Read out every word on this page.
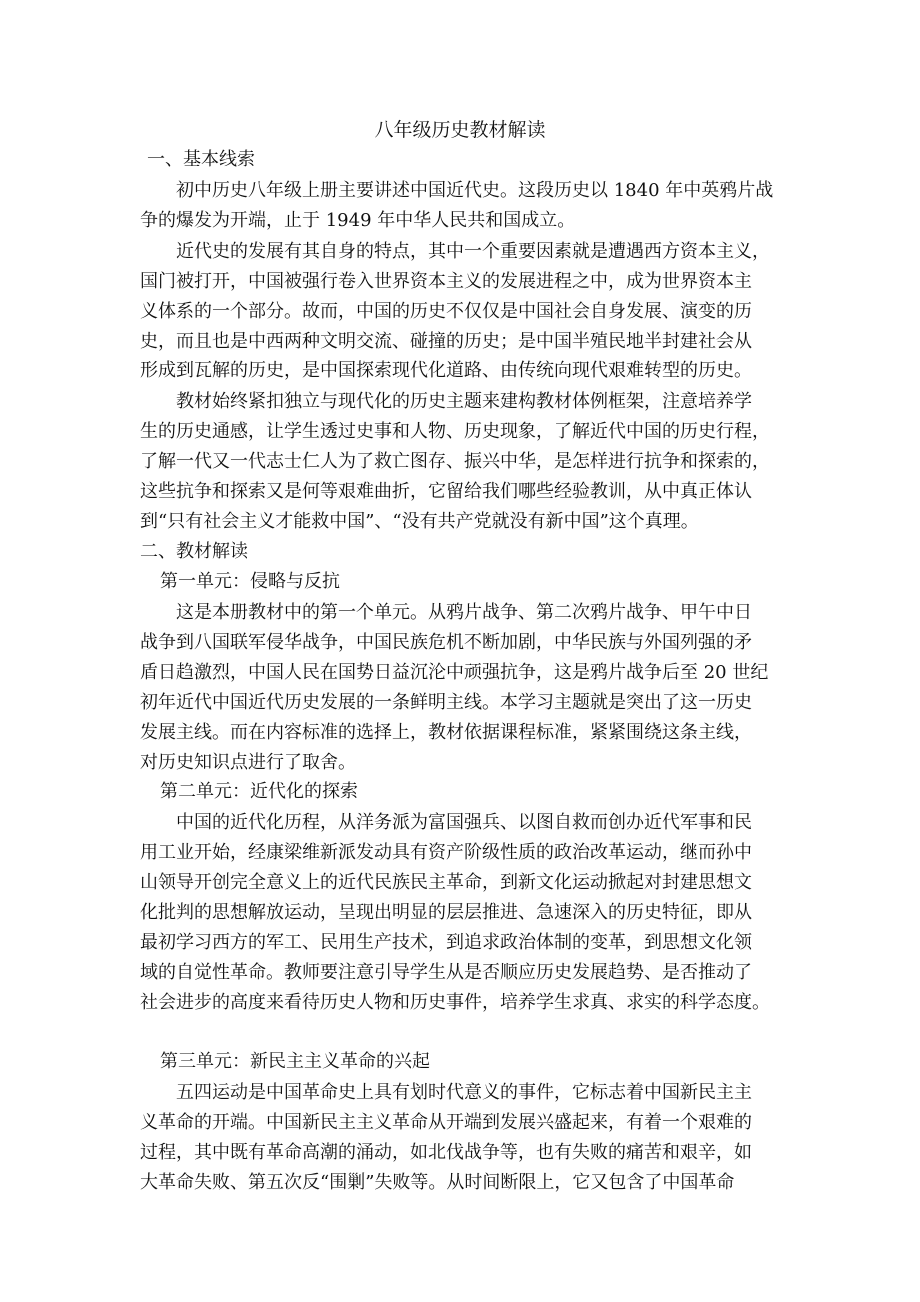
八年级历史教材解读
一、基本线索
初中历史八年级上册主要讲述中国近代史。这段历史以 1840 年中英鸦片战
争的爆发为开端，止于 1949 年中华人民共和国成立。
近代史的发展有其自身的特点，其中一个重要因素就是遭遇西方资本主义，
国门被打开，中国被强行卷入世界资本主义的发展进程之中，成为世界资本主
义体系的一个部分。故而，中国的历史不仅仅是中国社会自身发展、演变的历
史，而且也是中西两种文明交流、碰撞的历史；是中国半殖民地半封建社会从
形成到瓦解的历史，是中国探索现代化道路、由传统向现代艰难转型的历史。
教材始终紧扣独立与现代化的历史主题来建构教材体例框架，注意培养学
生的历史通感，让学生透过史事和人物、历史现象，了解近代中国的历史行程，
了解一代又一代志士仁人为了救亡图存、振兴中华，是怎样进行抗争和探索的，
这些抗争和探索又是何等艰难曲折，它留给我们哪些经验教训，从中真正体认
到“只有社会主义才能救中国”、“没有共产党就没有新中国”这个真理。
二、教材解读
第一单元：侵略与反抗
这是本册教材中的第一个单元。从鸦片战争、第二次鸦片战争、甲午中日
战争到八国联军侵华战争，中国民族危机不断加剧，中华民族与外国列强的矛
盾日趋激烈，中国人民在国势日益沉沦中顽强抗争，这是鸦片战争后至 20 世纪
初年近代中国近代历史发展的一条鲜明主线。本学习主题就是突出了这一历史
发展主线。而在内容标准的选择上，教材依据课程标准，紧紧围绕这条主线，
对历史知识点进行了取舍。
第二单元：近代化的探索
中国的近代化历程，从洋务派为富国强兵、以图自救而创办近代军事和民
用工业开始，经康梁维新派发动具有资产阶级性质的政治改革运动，继而孙中
山领导开创完全意义上的近代民族民主革命，到新文化运动掀起对封建思想文
化批判的思想解放运动，呈现出明显的层层推进、急速深入的历史特征，即从
最初学习西方的军工、民用生产技术，到追求政治体制的变革，到思想文化领
域的自觉性革命。教师要注意引导学生从是否顺应历史发展趋势、是否推动了
社会进步的高度来看待历史人物和历史事件，培养学生求真、求实的科学态度。
第三单元：新民主主义革命的兴起
五四运动是中国革命史上具有划时代意义的事件，它标志着中国新民主主
义革命的开端。中国新民主主义革命从开端到发展兴盛起来，有着一个艰难的
过程，其中既有革命高潮的涌动，如北伐战争等，也有失败的痛苦和艰辛，如
大革命失败、第五次反“围剿”失败等。从时间断限上，它又包含了中国革命
